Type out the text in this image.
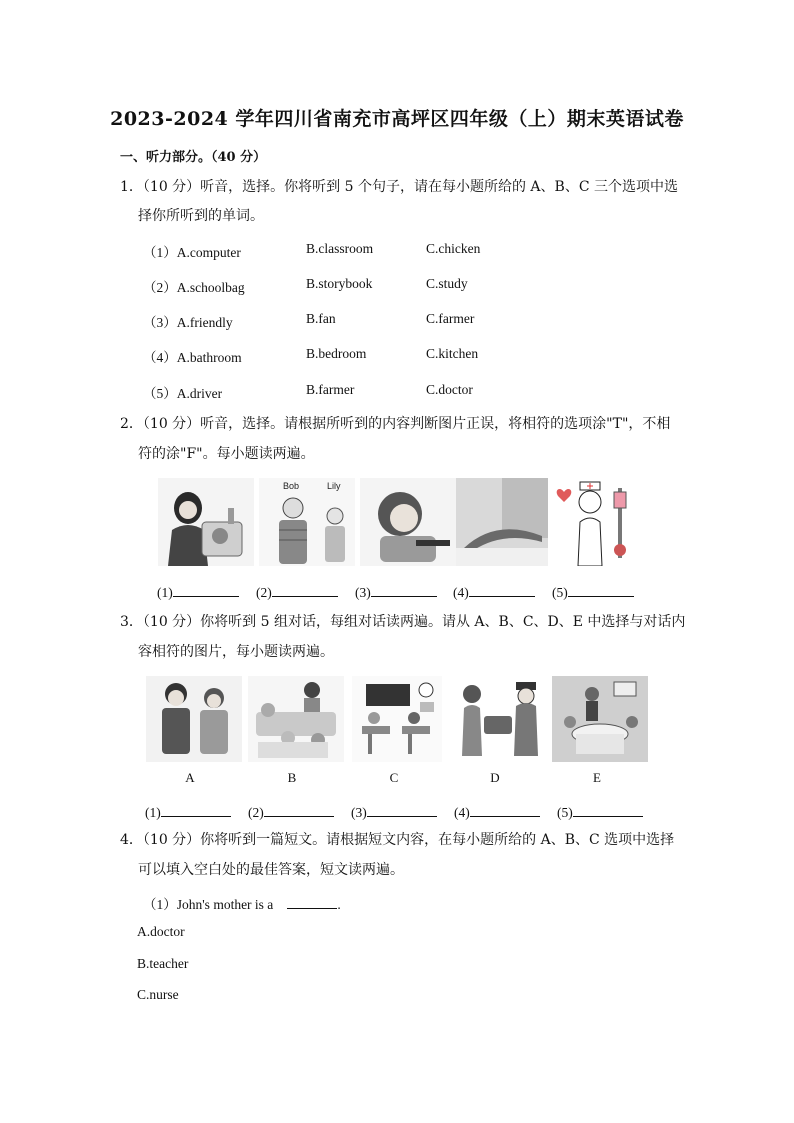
2023-2024 学年四川省南充市高坪区四年级（上）期末英语试卷
一、听力部分。（40 分）
1．（10 分）听音，选择。你将听到 5 个句子，请在每小题所给的 A、B、C 三个选项中选
择你所听到的单词。
（1）A.computer	B.classroom	C.chicken
（2）A.schoolbag	B.storybook	C.study
（3）A.friendly	B.fan	C.farmer
（4）A.bathroom	B.bedroom	C.kitchen
（5）A.driver	B.farmer	C.doctor
2．（10 分）听音，选择。请根据所听到的内容判断图片正误，将相符的选项涂"T"，不相
符的涂"F"。每小题读两遍。
Bob	Lily
(1)	(2)	(3)	(4)	(5)
3．（10 分）你将听到 5 组对话，每组对话读两遍。请从 A、B、C、D、E 中选择与对话内
容相符的图片，每小题读两遍。
A	B	C	D	E
(1)	(2)	(3)	(4)	(5)
4．（10 分）你将听到一篇短文。请根据短文内容，在每小题所给的 A、B、C 选项中选择
可以填入空白处的最佳答案，短文读两遍。
（1）John's mother is a	.
A.doctor
B.teacher
C.nurse
